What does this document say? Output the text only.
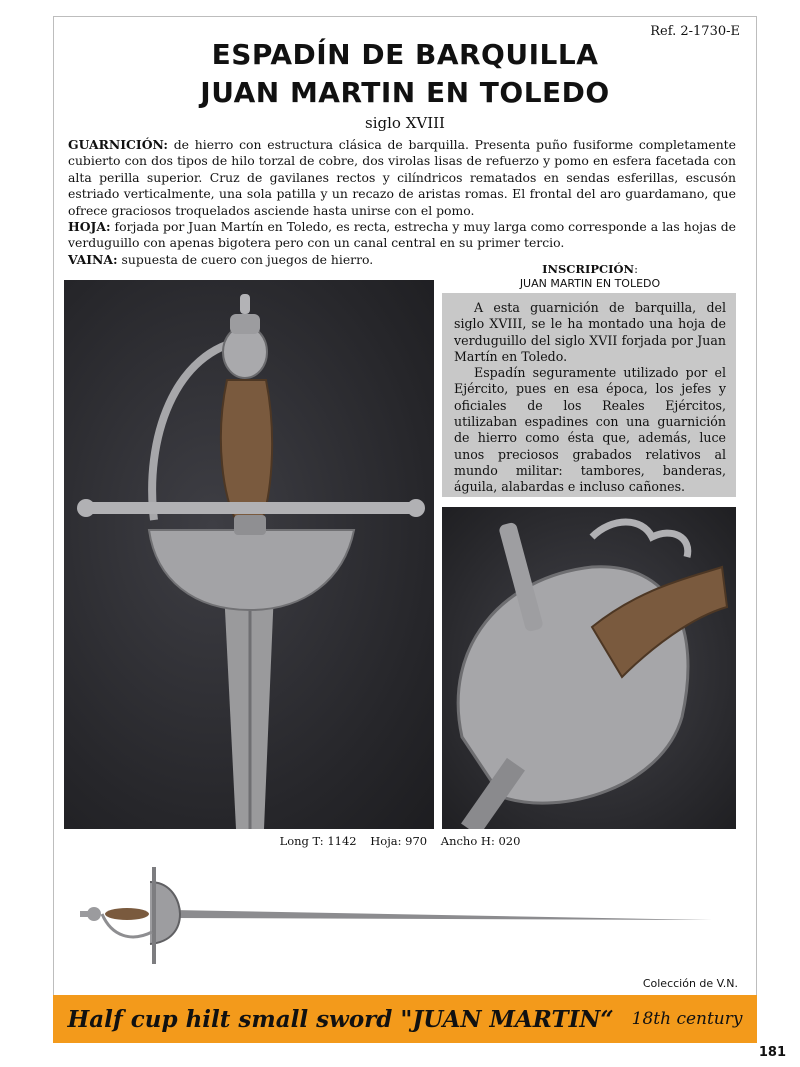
Ref. 2-1730-E
ESPADÍN DE BARQUILLA
JUAN MARTIN EN TOLEDO
siglo XVIII

GUARNICIÓN: de hierro con estructura clásica de barquilla. Presenta puño fusiforme completamente cubierto con dos tipos de hilo torzal de cobre, dos virolas lisas de refuerzo y pomo en esfera facetada con alta perilla superior. Cruz de gavilanes rectos y cilíndricos rematados en sendas esferillas, escusón estriado verticalmente, una sola patilla y un recazo de aristas romas. El frontal del aro guardamano, que ofrece graciosos troquelados asciende hasta unirse con el pomo.

HOJA: forjada por Juan Martín en Toledo, es recta, estrecha y muy larga como corresponde a las hojas de verduguillo con apenas bigotera pero con un canal central en su primer tercio.

VAINA: supuesta de cuero con juegos de hierro.

INSCRIPCIÓN:
JUAN MARTIN EN TOLEDO

A esta guarnición de barquilla, del siglo XVIII, se le ha montado una hoja de verduguillo del siglo XVII forjada por Juan Martín en Toledo.

Espadín seguramente utilizado por el Ejército, pues en esa época, los jefes y oficiales de los Reales Ejércitos, utilizaban espadines con una guarnición de hierro como ésta que, además, luce unos preciosos grabados relativos al mundo militar: tambores, banderas, águila, alabardas e incluso cañones.

Long T: 1142 Hoja: 970 Ancho H: 020
Colección de V.N.
Half cup hilt small sword "JUAN MARTIN“ 18th century
181
